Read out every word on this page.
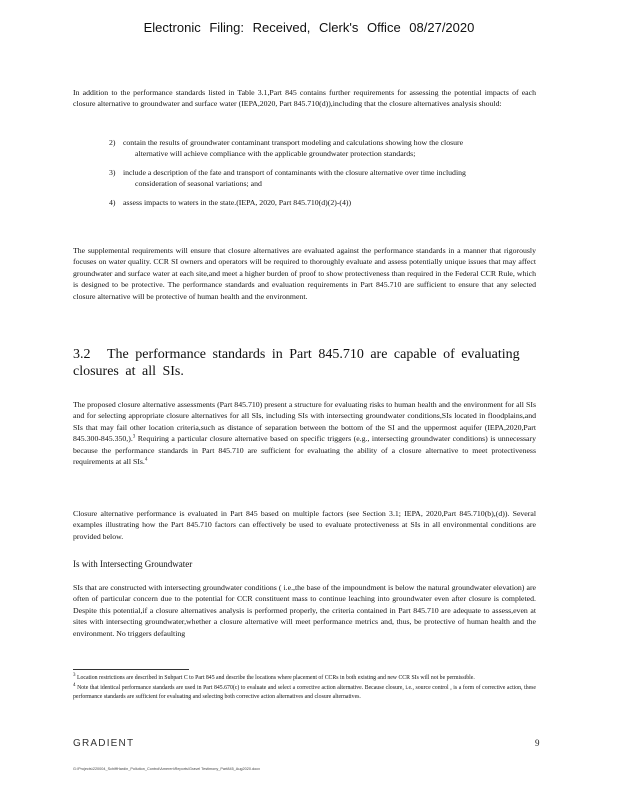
Electronic Filing: Received, Clerk's Office 08/27/2020

In addition to the performance standards listed in Table 3.1,Part 845 contains further requirements for assessing the potential impacts of each closure alternative to groundwater and surface water (IEPA,2020, Part 845.710(d)),including that the closure alternatives analysis should:

2) contain the results of groundwater contaminant transport modeling and calculations showing how the closure alternative will achieve compliance with the applicable groundwater protection standards;
3) include a description of the fate and transport of contaminants with the closure alternative over time including consideration of seasonal variations; and
4) assess impacts to waters in the state.(IEPA, 2020, Part 845.710(d)(2)-(4))

The supplemental requirements will ensure that closure alternatives are evaluated against the performance standards in a manner that rigorously focuses on water quality. CCR SI owners and operators will be required to thoroughly evaluate and assess potentially unique issues that may affect groundwater and surface water at each site,and meet a higher burden of proof to show protectiveness than required in the Federal CCR Rule, which is designed to be protective. The performance standards and evaluation requirements in Part 845.710 are sufficient to ensure that any selected closure alternative will be protective of human health and the environment.

3.2 The performance standards in Part 845.710 are capable of evaluating closures at all SIs.

The proposed closure alternative assessments (Part 845.710) present a structure for evaluating risks to human health and the environment for all SIs and for selecting appropriate closure alternatives for all SIs, including SIs with intersecting groundwater conditions,SIs located in floodplains,and SIs that may fail other location criteria,such as distance of separation between the bottom of the SI and the uppermost aquifer (IEPA,2020,Part 845.300-845.350,).$^3$ Requiring a particular closure alternative based on specific triggers (e.g., intersecting groundwater conditions) is unnecessary because the performance standards in Part 845.710 are sufficient for evaluating the ability of a closure alternative to meet protectiveness requirements at all SIs.$^4$

Closure alternative performance is evaluated in Part 845 based on multiple factors (see Section 3.1; IEPA, 2020,Part 845.710(b),(d)). Several examples illustrating how the Part 845.710 factors can effectively be used to evaluate protectiveness at SIs in all environmental conditions are provided below.

Is with Intersecting Groundwater

SIs that are constructed with intersecting groundwater conditions ( i.e.,the base of the impoundment is below the natural groundwater elevation) are often of particular concern due to the potential for CCR constituent mass to continue leaching into groundwater even after closure is completed. Despite this potential,if a closure alternatives analysis is performed properly, the criteria contained in Part 845.710 are adequate to assess,even at sites with intersecting groundwater,whether a closure alternative will meet performance metrics and, thus, be protective of human health and the environment. No triggers defaulting

$^3$ Location restrictions are described in Subpart C to Part 845 and describe the locations where placement of CCRs in both existing and new CCR SIs will not be permissible.

$^4$ Note that identical performance standards are used in Part 845.670(c) to evaluate and select a corrective action alternative. Because closure, i.e., source control , is a form of corrective action, these performance standards are sufficient for evaluating and selecting both corrective action alternatives and closure alternatives.

GRADIENT	9
G:\Projects\220004_SchiffHardin_Pollution_Control\Ameren\Reports\Gravel Testimony_Part845_Aug2020.docx
